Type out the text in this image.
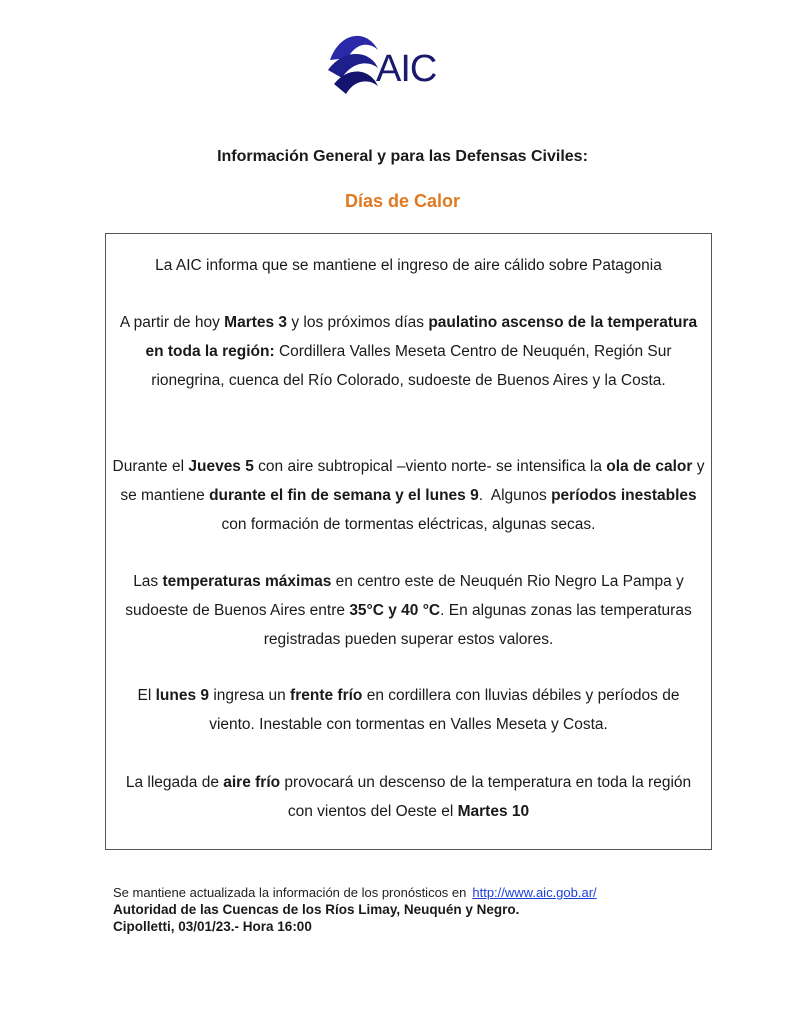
AIC
Información General y para las Defensas Civiles:
Días de Calor
La AIC informa que se mantiene el ingreso de aire cálido sobre Patagonia
A partir de hoy Martes 3 y los próximos días paulatino ascenso de la temperatura en toda la región: Cordillera Valles Meseta Centro de Neuquén, Región Sur rionegrina, cuenca del Río Colorado, sudoeste de Buenos Aires y la Costa.
Durante el Jueves 5 con aire subtropical –viento norte- se intensifica la ola de calor y se mantiene durante el fin de semana y el lunes 9.  Algunos períodos inestables con formación de tormentas eléctricas, algunas secas.
Las temperaturas máximas en centro este de Neuquén Rio Negro La Pampa y sudoeste de Buenos Aires entre 35°C y 40 °C. En algunas zonas las temperaturas registradas pueden superar estos valores.
El lunes 9 ingresa un frente frío en cordillera con lluvias débiles y períodos de viento. Inestable con tormentas en Valles Meseta y Costa.
La llegada de aire frío provocará un descenso de la temperatura en toda la región con vientos del Oeste el Martes 10
Se mantiene actualizada la información de los pronósticos en http://www.aic.gob.ar/
Autoridad de las Cuencas de los Ríos Limay, Neuquén y Negro.
Cipolletti, 03/01/23.- Hora 16:00
